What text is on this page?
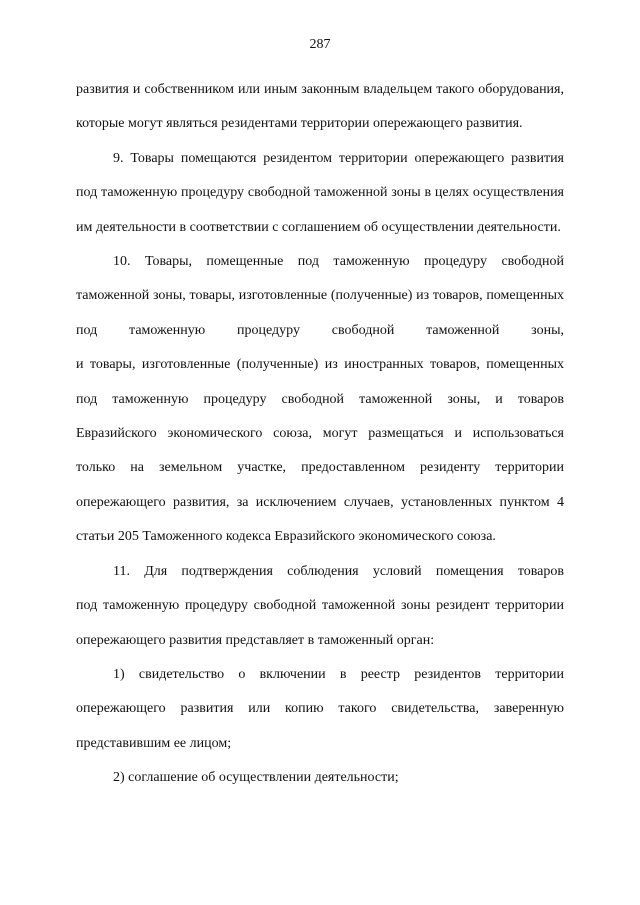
287
развития и собственником или иным законным владельцем такого оборудования,
которые могут являться резидентами территории опережающего развития.
9. Товары помещаются резидентом территории опережающего развития
под таможенную процедуру свободной таможенной зоны в целях осуществления
им деятельности в соответствии с соглашением об осуществлении деятельности.
10. Товары, помещенные под таможенную процедуру свободной
таможенной зоны, товары, изготовленные (полученные) из товаров, помещенных
под таможенную процедуру свободной таможенной зоны,
и товары, изготовленные (полученные) из иностранных товаров, помещенных
под таможенную процедуру свободной таможенной зоны, и товаров
Евразийского экономического союза, могут размещаться и использоваться
только на земельном участке, предоставленном резиденту территории
опережающего развития, за исключением случаев, установленных пунктом 4
статьи 205 Таможенного кодекса Евразийского экономического союза.
11. Для подтверждения соблюдения условий помещения товаров
под таможенную процедуру свободной таможенной зоны резидент территории
опережающего развития представляет в таможенный орган:
1) свидетельство о включении в реестр резидентов территории
опережающего развития или копию такого свидетельства, заверенную
представившим ее лицом;
2) соглашение об осуществлении деятельности;
